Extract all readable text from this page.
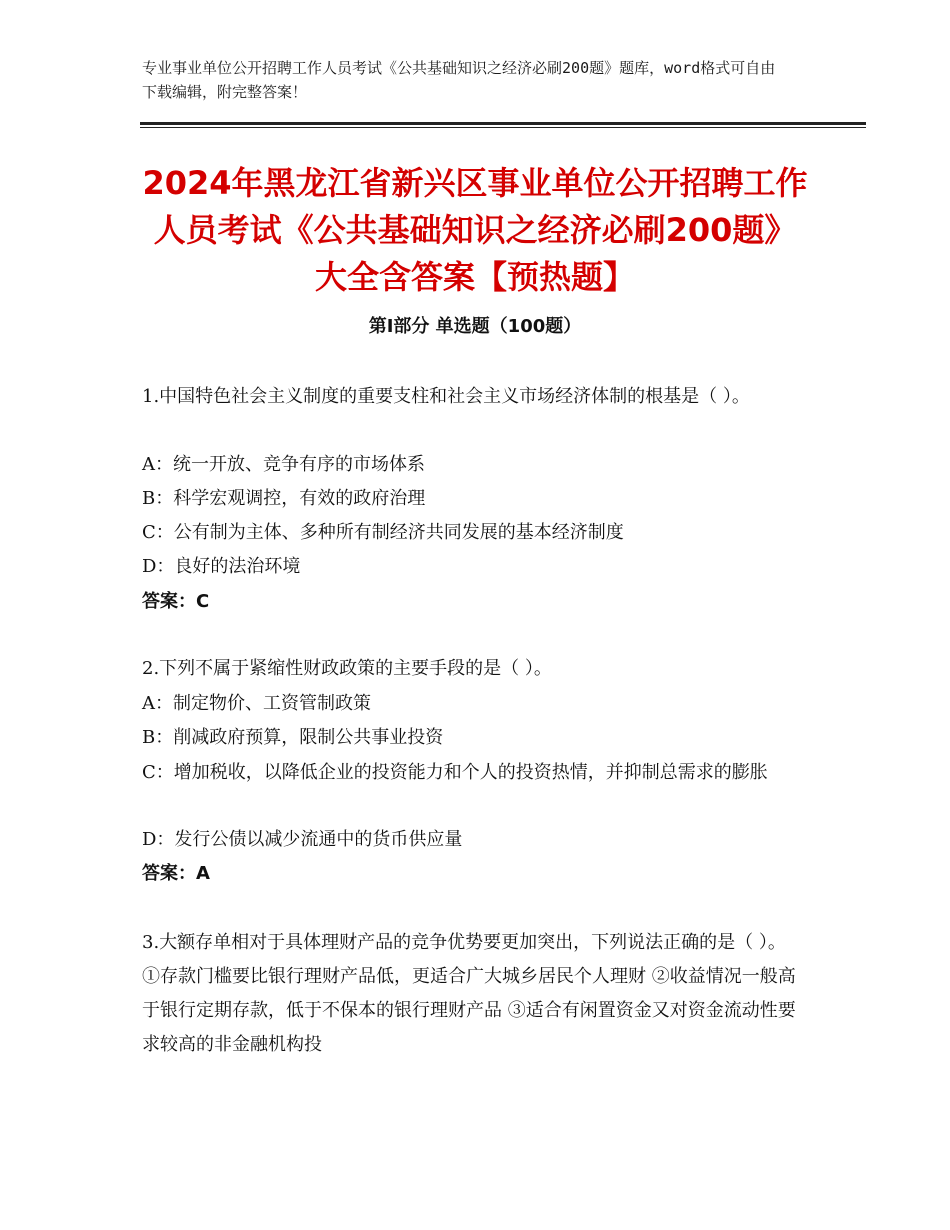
专业事业单位公开招聘工作人员考试《公共基础知识之经济必刷200题》题库，word格式可自由下载编辑，附完整答案！
2024年黑龙江省新兴区事业单位公开招聘工作人员考试《公共基础知识之经济必刷200题》大全含答案【预热题】
第Ⅰ部分 单选题（100题）
1.中国特色社会主义制度的重要支柱和社会主义市场经济体制的根基是（ ）。
A：统一开放、竞争有序的市场体系
B：科学宏观调控，有效的政府治理
C：公有制为主体、多种所有制经济共同发展的基本经济制度
D：良好的法治环境
答案：C
2.下列不属于紧缩性财政政策的主要手段的是（ ）。
A：制定物价、工资管制政策
B：削减政府预算，限制公共事业投资
C：增加税收，以降低企业的投资能力和个人的投资热情，并抑制总需求的膨胀
D：发行公债以减少流通中的货币供应量
答案：A
3.大额存单相对于具体理财产品的竞争优势要更加突出，下列说法正确的是（ ）。①存款门槛要比银行理财产品低，更适合广大城乡居民个人理财 ②收益情况一般高于银行定期存款，低于不保本的银行理财产品 ③适合有闲置资金又对资金流动性要求较高的非金融机构投
